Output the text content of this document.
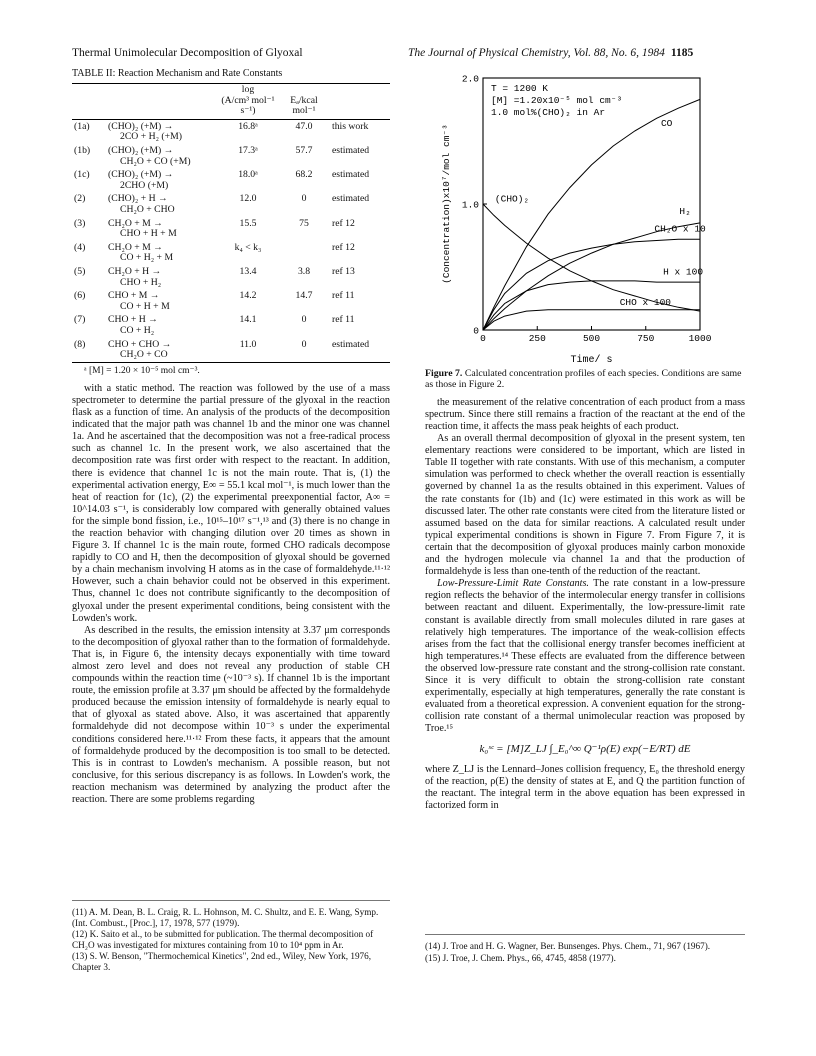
Thermal Unimolecular Decomposition of Glyoxal	The Journal of Physical Chemistry, Vol. 88, No. 6, 1984 1185
TABLE II: Reaction Mechanism and Rate Constants

		log
(A/cm³ mol⁻¹ s⁻¹)	Eₐ/kcal mol⁻¹	
(1a)	(CHO)₂ (+M) →
2CO + H₂ (+M)	16.8ᵃ	47.0	this work
(1b)	(CHO)₂ (+M) →
CH₂O + CO (+M)	17.3ᵃ	57.7	estimated
(1c)	(CHO)₂ (+M) →
2CHO (+M)	18.0ᵃ	68.2	estimated
(2)	(CHO)₂ + H →
CH₂O + CHO	12.0	0	estimated
(3)	CH₂O + M →
CHO + H + M	15.5	75	ref 12
(4)	CH₂O + M →
CO + H₂ + M	k₄ < k₃		ref 12
(5)	CH₂O + H →
CHO + H₂	13.4	3.8	ref 13
(6)	CHO + M →
CO + H + M	14.2	14.7	ref 11
(7)	CHO + H →
CO + H₂	14.1	0	ref 11
(8)	CHO + CHO →
CH₂O + CO	11.0	0	estimated
ᵃ [M] = 1.20 × 10⁻⁵ mol cm⁻³.

with a static method. The reaction was followed by the use of a mass spectrometer to determine the partial pressure of the glyoxal in the reaction flask as a function of time. An analysis of the products of the decomposition indicated that the major path was channel 1b and the minor one was channel 1a. And he ascertained that the decomposition was not a free-radical process such as channel 1c. In the present work, we also ascertained that the decomposition rate was first order with respect to the reactant. In addition, there is evidence that channel 1c is not the main route. That is, (1) the experimental activation energy, E∞ = 55.1 kcal mol⁻¹, is much lower than the heat of reaction for (1c), (2) the experimental preexponential factor, A∞ = 10^14.03 s⁻¹, is considerably low compared with generally obtained values for the simple bond fission, i.e., 10¹⁵–10¹⁷ s⁻¹,¹³ and (3) there is no change in the reaction behavior with changing dilution over 20 times as shown in Figure 3. If channel 1c is the main route, formed CHO radicals decompose rapidly to CO and H, then the decomposition of glyoxal should be governed by a chain mechanism involving H atoms as in the case of formaldehyde.¹¹·¹² However, such a chain behavior could not be observed in this experiment. Thus, channel 1c does not contribute significantly to the decomposition of glyoxal under the present experimental conditions, being consistent with the Lowden's work.

As described in the results, the emission intensity at 3.37 μm corresponds to the decomposition of glyoxal rather than to the formation of formaldehyde. That is, in Figure 6, the intensity decays exponentially with time toward almost zero level and does not reveal any production of stable CH compounds within the reaction time (~10⁻³ s). If channel 1b is the important route, the emission profile at 3.37 μm should be affected by the formaldehyde produced because the emission intensity of formaldehyde is nearly equal to that of glyoxal as stated above. Also, it was ascertained that apparently formaldehyde did not decompose within 10⁻³ s under the experimental conditions considered here.¹¹·¹² From these facts, it appears that the amount of formaldehyde produced by the decomposition is too small to be detected. This is in contrast to Lowden's mechanism. A possible reason, but not conclusive, for this serious discrepancy is as follows. In Lowden's work, the reaction mechanism was determined by analyzing the product after the reaction. There are some problems regarding

(11) A. M. Dean, B. L. Craig, R. L. Hohnson, M. C. Shultz, and E. E. Wang, Symp. (Int. Combust., [Proc.], 17, 1978, 577 (1979).
(12) K. Saito et al., to be submitted for publication. The thermal decomposition of CH₂O was investigated for mixtures containing from 10 to 10⁴ ppm in Ar.
(13) S. W. Benson, "Thermochemical Kinetics", 2nd ed., Wiley, New York, 1976, Chapter 3.
0	250	500	750	1000
0
1.0
2.0
Time/ s
(Concentration)x10⁷/mol cm⁻³
T = 1200 K
[M] =1.20x10⁻⁵ mol cm⁻³
1.0 mol%(CHO)₂ in Ar
CO
(CHO)₂
H₂
CH₂O x 10
H x 100
CHO x 100
Figure 7. Calculated concentration profiles of each species. Conditions are same as those in Figure 2.

the measurement of the relative concentration of each product from a mass spectrum. Since there still remains a fraction of the reactant at the end of the reaction time, it affects the mass peak heights of each product.

As an overall thermal decomposition of glyoxal in the present system, ten elementary reactions were considered to be important, which are listed in Table II together with rate constants. With use of this mechanism, a computer simulation was performed to check whether the overall reaction is essentially governed by channel 1a as the results obtained in this experiment. Values of the rate constants for (1b) and (1c) were estimated in this work as will be discussed later. The other rate constants were cited from the literature listed or assumed based on the data for similar reactions. A calculated result under typical experimental conditions is shown in Figure 7. From Figure 7, it is certain that the decomposition of glyoxal produces mainly carbon monoxide and the hydrogen molecule via channel 1a and that the production of formaldehyde is less than one-tenth of the reduction of the reactant.

Low-Pressure-Limit Rate Constants. The rate constant in a low-pressure region reflects the behavior of the intermolecular energy transfer in collisions between reactant and diluent. Experimentally, the low-pressure-limit rate constant is available directly from small molecules diluted in rare gases at relatively high temperatures. The importance of the weak-collision effects arises from the fact that the collisional energy transfer becomes inefficient at high temperatures.¹⁴ These effects are evaluated from the difference between the observed low-pressure rate constant and the strong-collision rate constant. Since it is very difficult to obtain the strong-collision rate constant experimentally, especially at high temperatures, generally the rate constant is evaluated from a theoretical expression. A convenient equation for the strong-collision rate constant of a thermal unimolecular reaction was proposed by Troe.¹⁵

k₀ˢᶜ = [M]Z_LJ ∫_E₀^∞ Q⁻¹ρ(E) exp(−E/RT) dE

where Z_LJ is the Lennard–Jones collision frequency, E₀ the threshold energy of the reaction, ρ(E) the density of states at E, and Q the partition function of the reactant. The integral term in the above equation has been expressed in factorized form in

(14) J. Troe and H. G. Wagner, Ber. Bunsenges. Phys. Chem., 71, 967 (1967).
(15) J. Troe, J. Chem. Phys., 66, 4745, 4858 (1977).
